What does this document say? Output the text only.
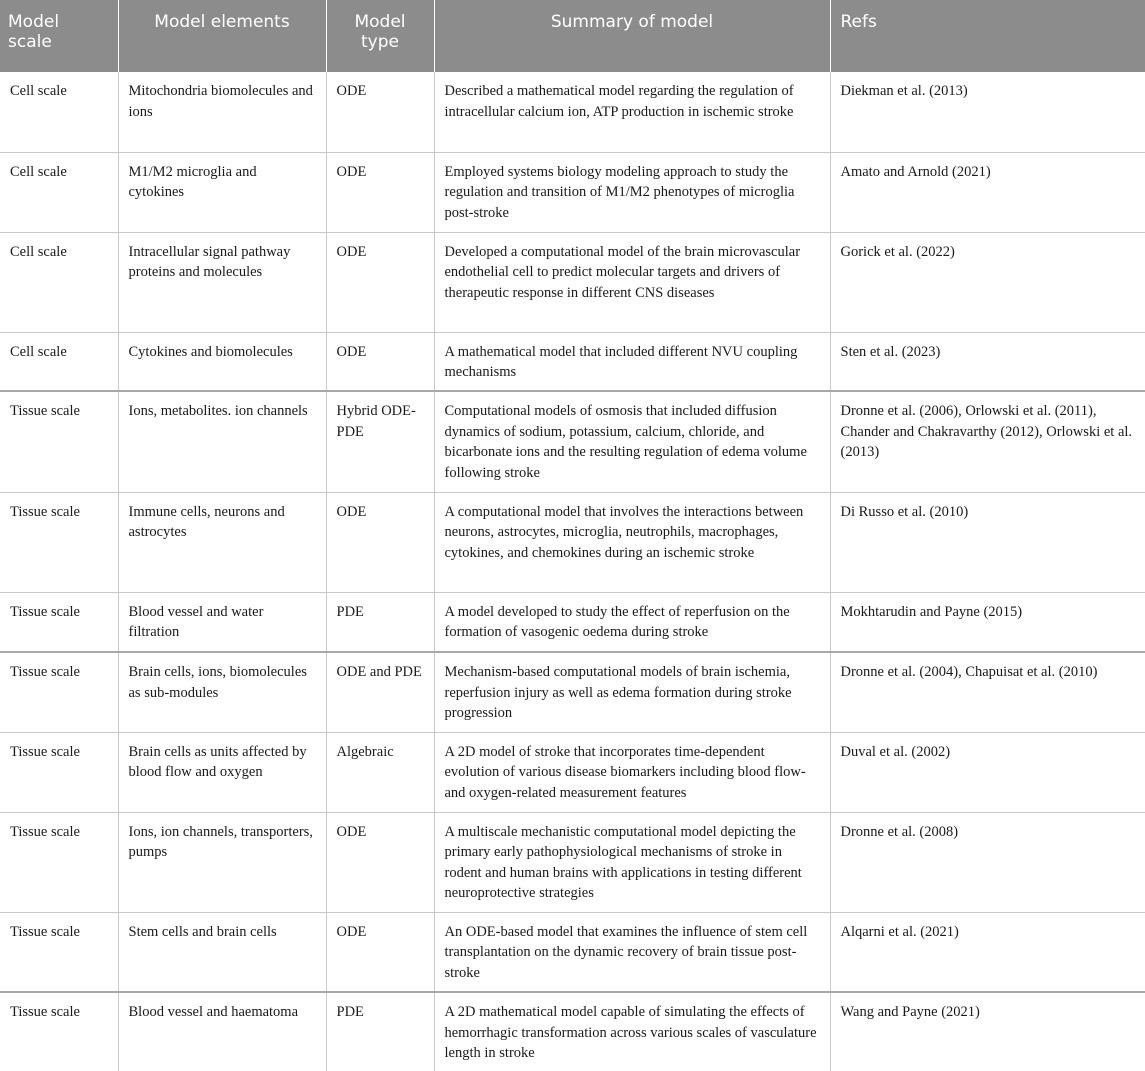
Model scale	Model elements	Model type	Summary of model	Refs
Cell scale	Mitochondria biomolecules and ions	ODE	Described a mathematical model regarding the regulation of intracellular calcium ion, ATP production in ischemic stroke	Diekman et al. (2013)
Cell scale	M1/M2 microglia and cytokines	ODE	Employed systems biology modeling approach to study the regulation and transition of M1/M2 phenotypes of microglia post-stroke	Amato and Arnold (2021)
Cell scale	Intracellular signal pathway proteins and molecules	ODE	Developed a computational model of the brain microvascular endothelial cell to predict molecular targets and drivers of therapeutic response in different CNS diseases	Gorick et al. (2022)
Cell scale	Cytokines and biomolecules	ODE	A mathematical model that included different NVU coupling mechanisms	Sten et al. (2023)
Tissue scale	Ions, metabolites. ion channels	Hybrid ODE-PDE	Computational models of osmosis that included diffusion dynamics of sodium, potassium, calcium, chloride, and bicarbonate ions and the resulting regulation of edema volume following stroke	Dronne et al. (2006), Orlowski et al. (2011), Chander and Chakravarthy (2012), Orlowski et al. (2013)
Tissue scale	Immune cells, neurons and astrocytes	ODE	A computational model that involves the interactions between neurons, astrocytes, microglia, neutrophils, macrophages, cytokines, and chemokines during an ischemic stroke	Di Russo et al. (2010)
Tissue scale	Blood vessel and water filtration	PDE	A model developed to study the effect of reperfusion on the formation of vasogenic oedema during stroke	Mokhtarudin and Payne (2015)
Tissue scale	Brain cells, ions, biomolecules as sub-modules	ODE and PDE	Mechanism-based computational models of brain ischemia, reperfusion injury as well as edema formation during stroke progression	Dronne et al. (2004), Chapuisat et al. (2010)
Tissue scale	Brain cells as units affected by blood flow and oxygen	Algebraic	A 2D model of stroke that incorporates time-dependent evolution of various disease biomarkers including blood flow- and oxygen-related measurement features	Duval et al. (2002)
Tissue scale	Ions, ion channels, transporters, pumps	ODE	A multiscale mechanistic computational model depicting the primary early pathophysiological mechanisms of stroke in rodent and human brains with applications in testing different neuroprotective strategies	Dronne et al. (2008)
Tissue scale	Stem cells and brain cells	ODE	An ODE-based model that examines the influence of stem cell transplantation on the dynamic recovery of brain tissue post-stroke	Alqarni et al. (2021)
Tissue scale	Blood vessel and haematoma	PDE	A 2D mathematical model capable of simulating the effects of hemorrhagic transformation across various scales of vasculature length in stroke	Wang and Payne (2021)
